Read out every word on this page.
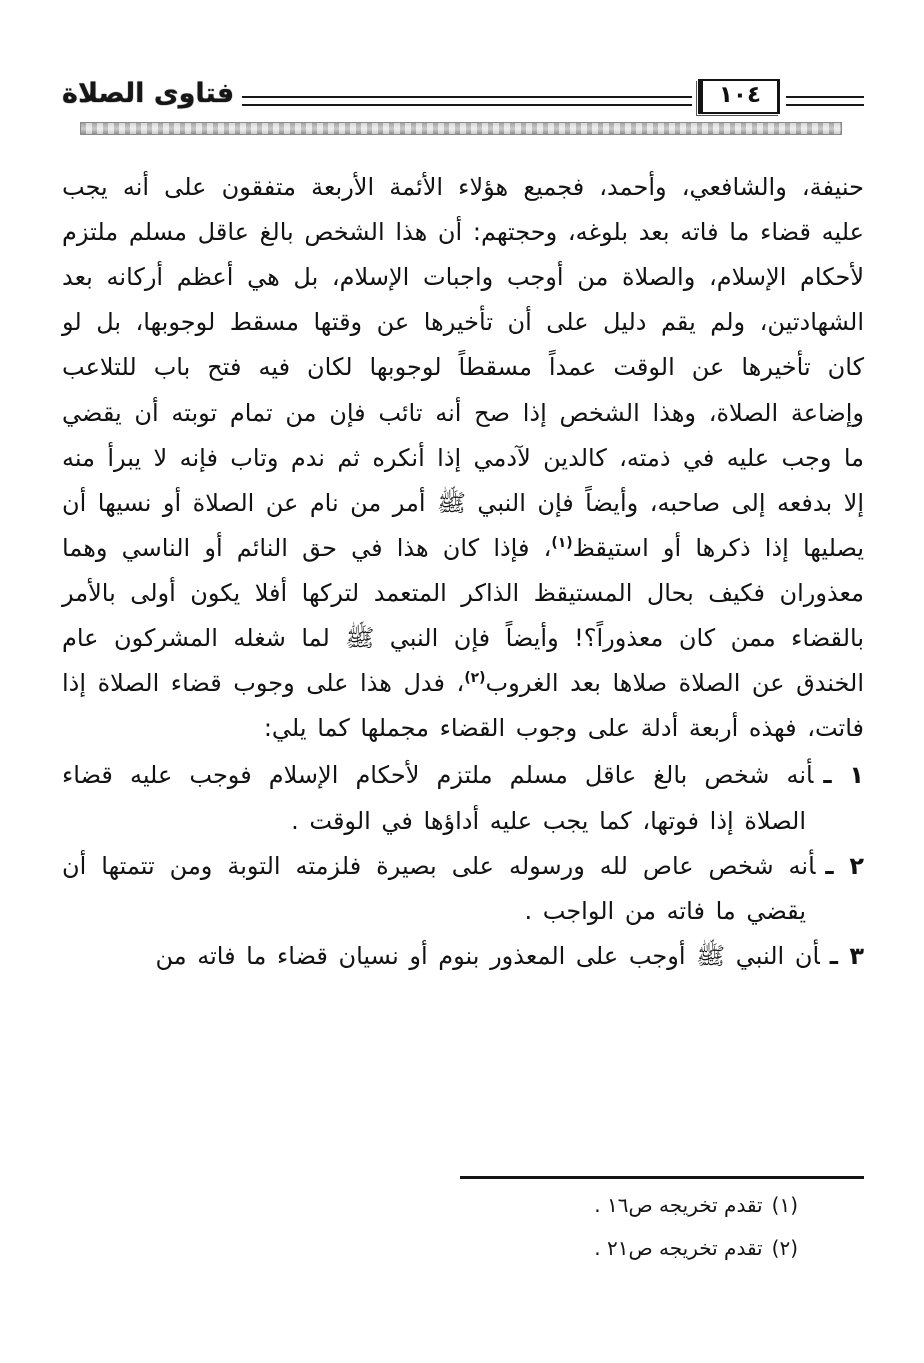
١٠٤
فتاوى الصلاة

حنيفة، والشافعي، وأحمد، فجميع هؤلاء الأئمة الأربعة متفقون على أنه يجب عليه قضاء ما فاته بعد بلوغه، وحجتهم: أن هذا الشخص بالغ عاقل مسلم ملتزم لأحكام الإسلام، والصلاة من أوجب واجبات الإسلام، بل هي أعظم أركانه بعد الشهادتين، ولم يقم دليل على أن تأخيرها عن وقتها مسقط لوجوبها، بل لو كان تأخيرها عن الوقت عمداً مسقطاً لوجوبها لكان فيه فتح باب للتلاعب وإضاعة الصلاة، وهذا الشخص إذا صح أنه تائب فإن من تمام توبته أن يقضي ما وجب عليه في ذمته، كالدين لآدمي إذا أنكره ثم ندم وتاب فإنه لا يبرأ منه إلا بدفعه إلى صاحبه، وأيضاً فإن النبي ﷺ أمر من نام عن الصلاة أو نسيها أن يصليها إذا ذكرها أو استيقظ$^{(١)}$، فإذا كان هذا في حق النائم أو الناسي وهما معذوران فكيف بحال المستيقظ الذاكر المتعمد لتركها أفلا يكون أولى بالأمر بالقضاء ممن كان معذوراً؟! وأيضاً فإن النبي ﷺ لما شغله المشركون عام الخندق عن الصلاة صلاها بعد الغروب$^{(٢)}$، فدل هذا على وجوب قضاء الصلاة إذا فاتت، فهذه أربعة أدلة على وجوب القضاء مجملها كما يلي:

١ ـأنه شخص بالغ عاقل مسلم ملتزم لأحكام الإسلام فوجب عليه قضاء الصلاة إذا فوتها، كما يجب عليه أداؤها في الوقت .

٢ ـأنه شخص عاص لله ورسوله على بصيرة فلزمته التوبة ومن تتمتها أن يقضي ما فاته من الواجب .

٣ ـأن النبي ﷺ أوجب على المعذور بنوم أو نسيان قضاء ما فاته من

(١)تقدم تخريجه ص١٦ .
(٢)تقدم تخريجه ص٢١ .
